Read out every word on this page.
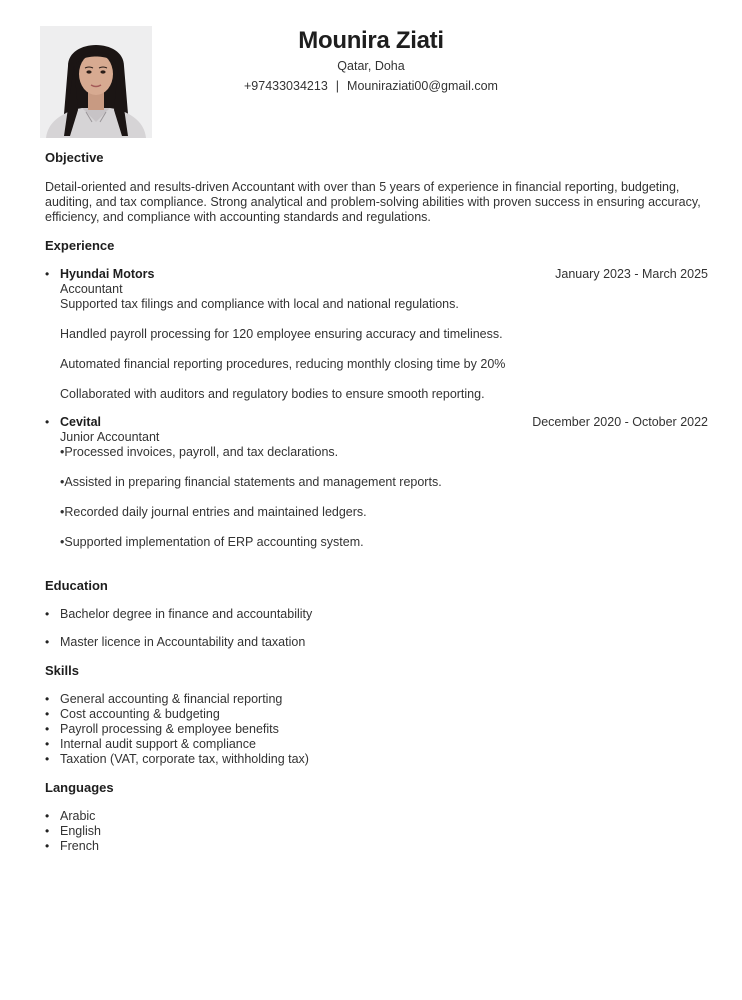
Mounira Ziati
Qatar, Doha
+97433034213 | Mouniraziati00@gmail.com
Objective
Detail-oriented and results-driven Accountant with over than 5 years of experience in financial reporting, budgeting, auditing, and tax compliance. Strong analytical and problem-solving abilities with proven success in ensuring accuracy, efficiency, and compliance with accounting standards and regulations.
Experience
• Hyundai Motors	January 2023 - March 2025
Accountant
Supported tax filings and compliance with local and national regulations.
Handled payroll processing for 120 employee ensuring accuracy and timeliness.
Automated financial reporting procedures, reducing monthly closing time by 20%
Collaborated with auditors and regulatory bodies to ensure smooth reporting.
• Cevital	December 2020 - October 2022
Junior Accountant
•Processed invoices, payroll, and tax declarations.
•Assisted in preparing financial statements and management reports.
•Recorded daily journal entries and maintained ledgers.
•Supported implementation of ERP accounting system.
Education
• Bachelor degree in finance and accountability
• Master licence in Accountability and taxation
Skills
• General accounting & financial reporting
• Cost accounting & budgeting
• Payroll processing & employee benefits
• Internal audit support & compliance
• Taxation (VAT, corporate tax, withholding tax)
Languages
• Arabic
• English
• French
